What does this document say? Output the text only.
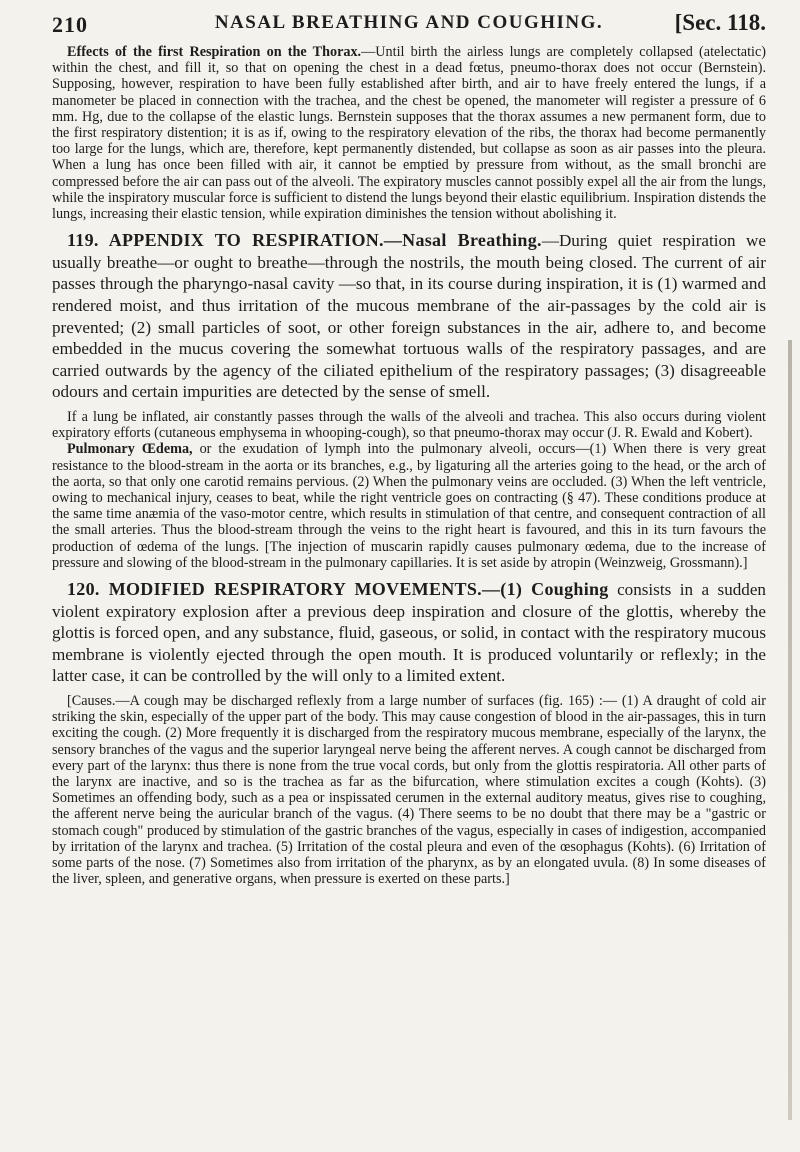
210	NASAL BREATHING AND COUGHING.	[Sec. 118.

Effects of the first Respiration on the Thorax.—Until birth the airless lungs are completely collapsed (atelectatic) within the chest, and fill it, so that on opening the chest in a dead fœtus, pneumo-thorax does not occur (Bernstein). Supposing, however, respiration to have been fully established after birth, and air to have freely entered the lungs, if a manometer be placed in connection with the trachea, and the chest be opened, the manometer will register a pressure of 6 mm. Hg, due to the collapse of the elastic lungs. Bernstein supposes that the thorax assumes a new permanent form, due to the first respiratory distention; it is as if, owing to the respiratory elevation of the ribs, the thorax had become permanently too large for the lungs, which are, therefore, kept permanently distended, but collapse as soon as air passes into the pleura. When a lung has once been filled with air, it cannot be emptied by pressure from without, as the small bronchi are compressed before the air can pass out of the alveoli. The expiratory muscles cannot possibly expel all the air from the lungs, while the inspiratory muscular force is sufficient to distend the lungs beyond their elastic equilibrium. Inspiration distends the lungs, increasing their elastic tension, while expiration diminishes the tension without abolishing it.

119. APPENDIX TO RESPIRATION.—Nasal Breathing.—During quiet respiration we usually breathe—or ought to breathe—through the nostrils, the mouth being closed. The current of air passes through the pharyngo-nasal cavity —so that, in its course during inspiration, it is (1) warmed and rendered moist, and thus irritation of the mucous membrane of the air-passages by the cold air is prevented; (2) small particles of soot, or other foreign substances in the air, adhere to, and become embedded in the mucus covering the somewhat tortuous walls of the respiratory passages, and are carried outwards by the agency of the ciliated epithelium of the respiratory passages; (3) disagreeable odours and certain impurities are detected by the sense of smell.

If a lung be inflated, air constantly passes through the walls of the alveoli and trachea. This also occurs during violent expiratory efforts (cutaneous emphysema in whooping-cough), so that pneumo-thorax may occur (J. R. Ewald and Kobert).

Pulmonary Œdema, or the exudation of lymph into the pulmonary alveoli, occurs—(1) When there is very great resistance to the blood-stream in the aorta or its branches, e.g., by ligaturing all the arteries going to the head, or the arch of the aorta, so that only one carotid remains pervious. (2) When the pulmonary veins are occluded. (3) When the left ventricle, owing to mechanical injury, ceases to beat, while the right ventricle goes on contracting (§ 47). These conditions produce at the same time anæmia of the vaso-motor centre, which results in stimulation of that centre, and consequent contraction of all the small arteries. Thus the blood-stream through the veins to the right heart is favoured, and this in its turn favours the production of œdema of the lungs. [The injection of muscarin rapidly causes pulmonary œdema, due to the increase of pressure and slowing of the blood-stream in the pulmonary capillaries. It is set aside by atropin (Weinzweig, Grossmann).]

120. MODIFIED RESPIRATORY MOVEMENTS.—(1) Coughing consists in a sudden violent expiratory explosion after a previous deep inspiration and closure of the glottis, whereby the glottis is forced open, and any substance, fluid, gaseous, or solid, in contact with the respiratory mucous membrane is violently ejected through the open mouth. It is produced voluntarily or reflexly; in the latter case, it can be controlled by the will only to a limited extent.

[Causes.—A cough may be discharged reflexly from a large number of surfaces (fig. 165) :— (1) A draught of cold air striking the skin, especially of the upper part of the body. This may cause congestion of blood in the air-passages, this in turn exciting the cough. (2) More frequently it is discharged from the respiratory mucous membrane, especially of the larynx, the sensory branches of the vagus and the superior laryngeal nerve being the afferent nerves. A cough cannot be discharged from every part of the larynx: thus there is none from the true vocal cords, but only from the glottis respiratoria. All other parts of the larynx are inactive, and so is the trachea as far as the bifurcation, where stimulation excites a cough (Kohts). (3) Sometimes an offending body, such as a pea or inspissated cerumen in the external auditory meatus, gives rise to coughing, the afferent nerve being the auricular branch of the vagus. (4) There seems to be no doubt that there may be a "gastric or stomach cough" produced by stimulation of the gastric branches of the vagus, especially in cases of indigestion, accompanied by irritation of the larynx and trachea. (5) Irritation of the costal pleura and even of the œsophagus (Kohts). (6) Irritation of some parts of the nose. (7) Sometimes also from irritation of the pharynx, as by an elongated uvula. (8) In some diseases of the liver, spleen, and generative organs, when pressure is exerted on these parts.]
